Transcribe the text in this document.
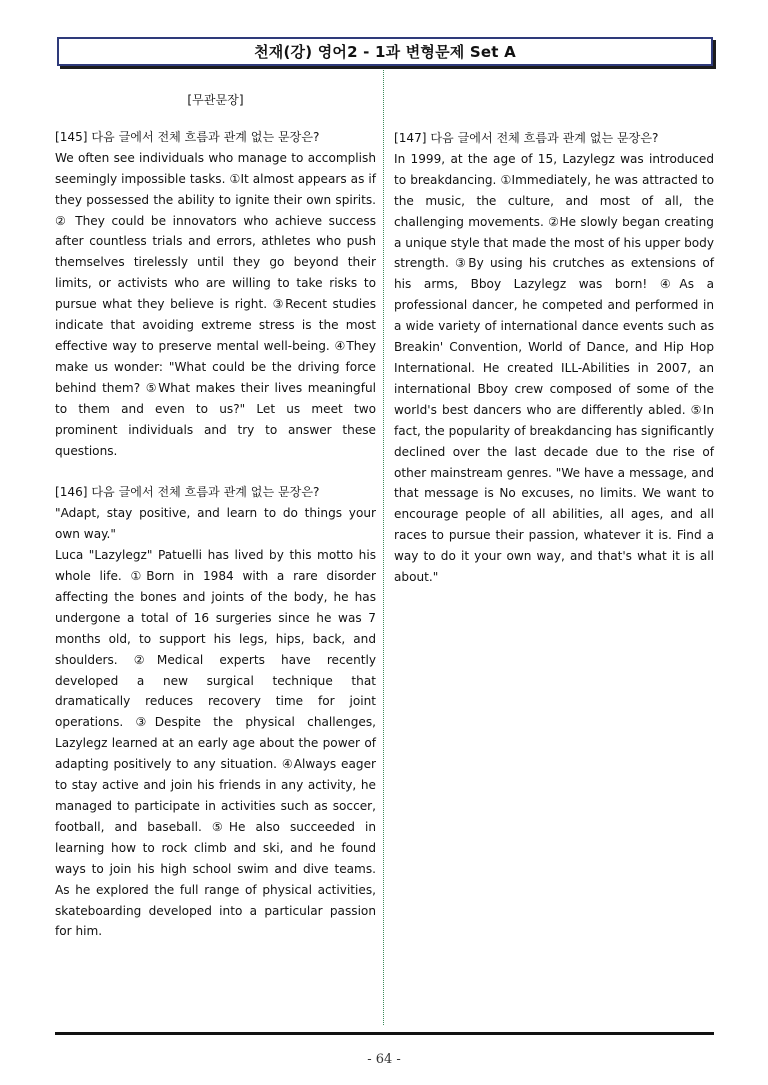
천재(강) 영어2 - 1과 변형문제 Set A
[무관문장]

[145] 다음 글에서 전체 흐름과 관계 없는 문장은?

We often see individuals who manage to accomplish seemingly impossible tasks. ①It almost appears as if they possessed the ability to ignite their own spirits. ② They could be innovators who achieve success after countless trials and errors, athletes who push themselves tirelessly until they go beyond their limits, or activists who are willing to take risks to pursue what they believe is right. ③Recent studies indicate that avoiding extreme stress is the most effective way to preserve mental well-being. ④They make us wonder: "What could be the driving force behind them? ⑤What makes their lives meaningful to them and even to us?" Let us meet two prominent individuals and try to answer these questions.

[146] 다음 글에서 전체 흐름과 관계 없는 문장은?

"Adapt, stay positive, and learn to do things your own way."

Luca "Lazylegz" Patuelli has lived by this motto his whole life. ①Born in 1984 with a rare disorder affecting the bones and joints of the body, he has undergone a total of 16 surgeries since he was 7 months old, to support his legs, hips, back, and shoulders. ②Medical experts have recently developed a new surgical technique that dramatically reduces recovery time for joint operations. ③Despite the physical challenges, Lazylegz learned at an early age about the power of adapting positively to any situation. ④Always eager to stay active and join his friends in any activity, he managed to participate in activities such as soccer, football, and baseball. ⑤He also succeeded in learning how to rock climb and ski, and he found ways to join his high school swim and dive teams. As he explored the full range of physical activities, skateboarding developed into a particular passion for him.

[147] 다음 글에서 전체 흐름과 관계 없는 문장은?

In 1999, at the age of 15, Lazylegz was introduced to breakdancing. ①Immediately, he was attracted to the music, the culture, and most of all, the challenging movements. ②He slowly began creating a unique style that made the most of his upper body strength. ③By using his crutches as extensions of his arms, Bboy Lazylegz was born! ④As a professional dancer, he competed and performed in a wide variety of international dance events such as Breakin' Convention, World of Dance, and Hip Hop International. He created ILL-Abilities in 2007, an international Bboy crew composed of some of the world's best dancers who are differently abled. ⑤In fact, the popularity of breakdancing has significantly declined over the last decade due to the rise of other mainstream genres. "We have a message, and that message is No excuses, no limits. We want to encourage people of all abilities, all ages, and all races to pursue their passion, whatever it is. Find a way to do it your own way, and that's what it is all about."

- 64 -
